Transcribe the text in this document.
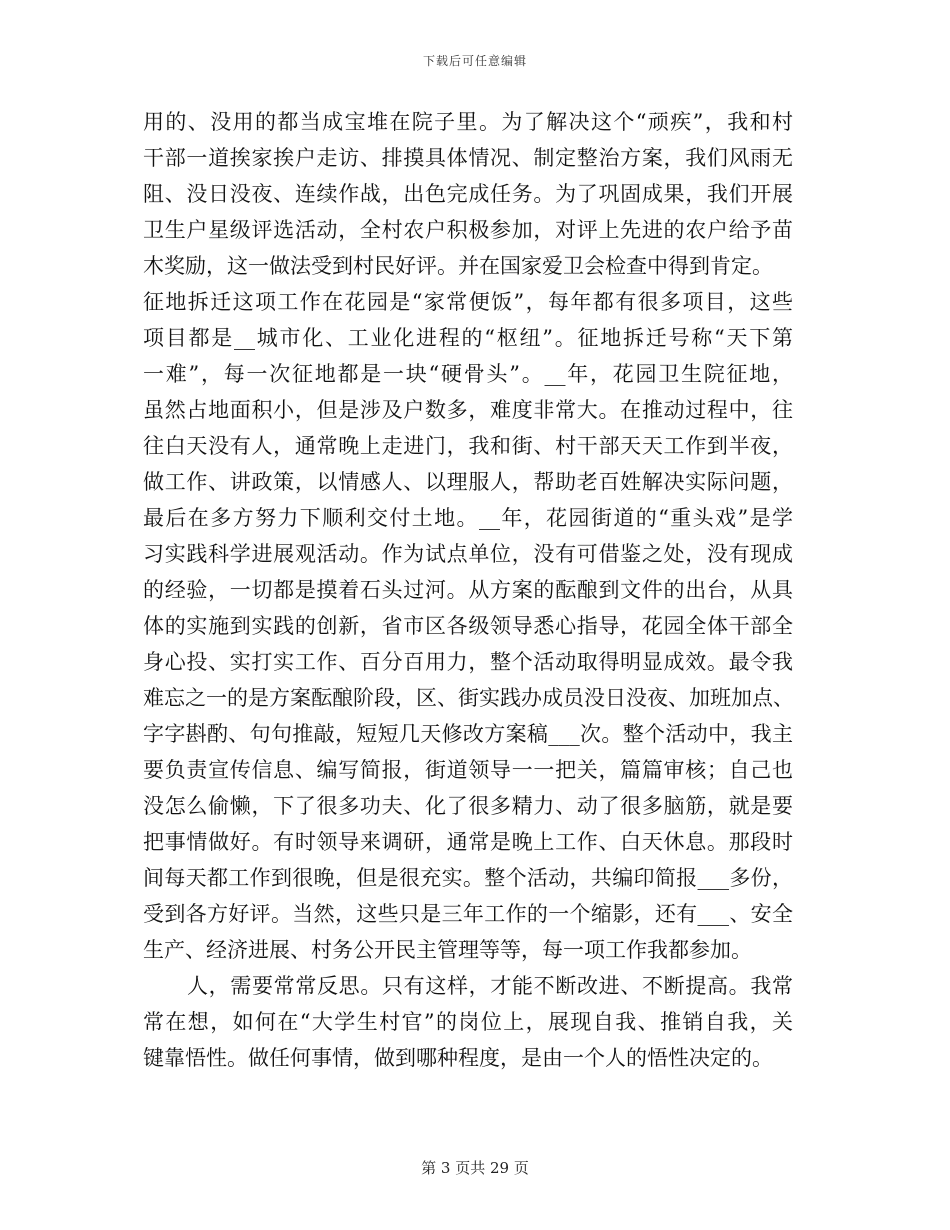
下载后可任意编辑
用的、没用的都当成宝堆在院子里。为了解决这个“顽疾”，我和村
干部一道挨家挨户走访、排摸具体情况、制定整治方案，我们风雨无
阻、没日没夜、连续作战，出色完成任务。为了巩固成果，我们开展
卫生户星级评选活动，全村农户积极参加，对评上先进的农户给予苗
木奖励，这一做法受到村民好评。并在国家爱卫会检查中得到肯定。
征地拆迁这项工作在花园是“家常便饭”，每年都有很多项目，这些
项目都是__城市化、工业化进程的“枢纽”。征地拆迁号称“天下第
一难”，每一次征地都是一块“硬骨头”。__年，花园卫生院征地，
虽然占地面积小，但是涉及户数多，难度非常大。在推动过程中，往
往白天没有人，通常晚上走进门，我和街、村干部天天工作到半夜，
做工作、讲政策，以情感人、以理服人，帮助老百姓解决实际问题，
最后在多方努力下顺利交付土地。__年，花园街道的“重头戏”是学
习实践科学进展观活动。作为试点单位，没有可借鉴之处，没有现成
的经验，一切都是摸着石头过河。从方案的酝酿到文件的出台，从具
体的实施到实践的创新，省市区各级领导悉心指导，花园全体干部全
身心投、实打实工作、百分百用力，整个活动取得明显成效。最令我
难忘之一的是方案酝酿阶段，区、街实践办成员没日没夜、加班加点、
字字斟酌、句句推敲，短短几天修改方案稿___次。整个活动中，我主
要负责宣传信息、编写简报，街道领导一一把关，篇篇审核；自己也
没怎么偷懒，下了很多功夫、化了很多精力、动了很多脑筋，就是要
把事情做好。有时领导来调研，通常是晚上工作、白天休息。那段时
间每天都工作到很晚，但是很充实。整个活动，共编印简报___多份，
受到各方好评。当然，这些只是三年工作的一个缩影，还有___、安全
生产、经济进展、村务公开民主管理等等，每一项工作我都参加。
人，需要常常反思。只有这样，才能不断改进、不断提高。我常
常在想，如何在“大学生村官”的岗位上，展现自我、推销自我，关
键靠悟性。做任何事情，做到哪种程度，是由一个人的悟性决定的。
第 3 页共 29 页
